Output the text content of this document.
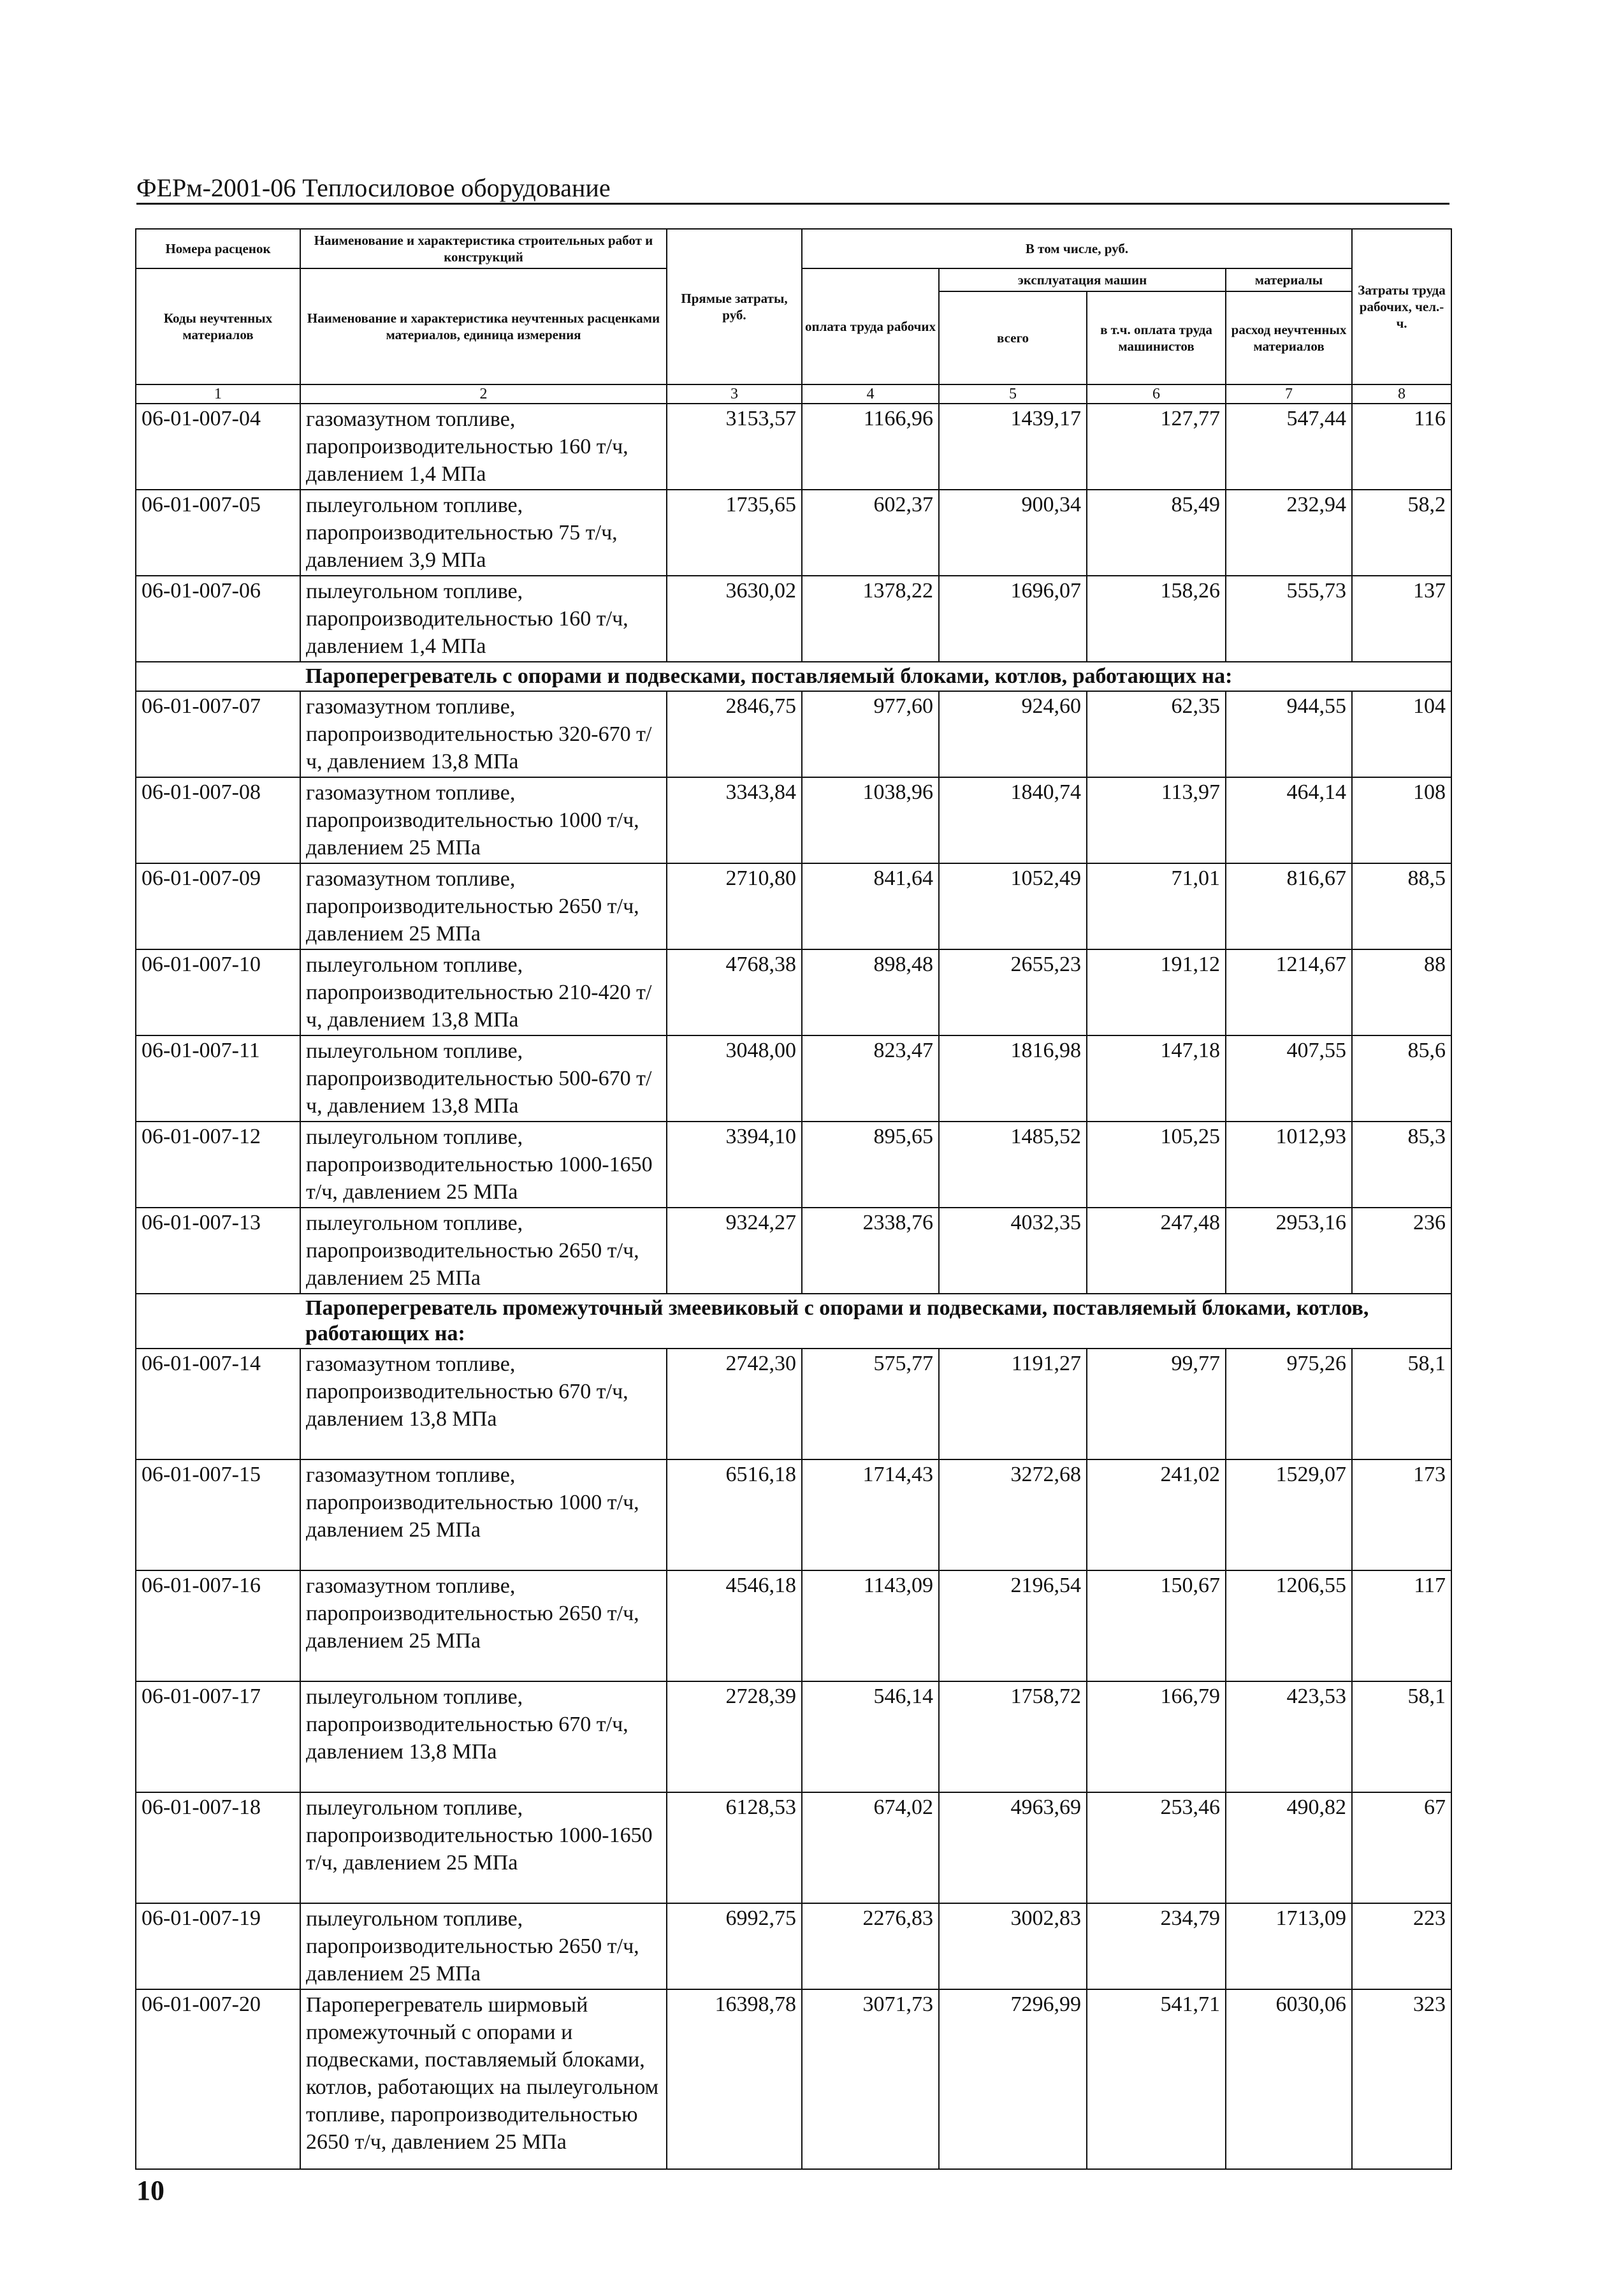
ФЕРм-2001-06 Теплосиловое оборудование
Номера расценок	Наименование и характеристика строительных работ и конструкций	Прямые затраты, руб.	В том числе, руб.				Затраты труда рабочих, чел.-ч.
Коды неучтенных материалов	Наименование и характеристика неучтенных расценками материалов, единица измерения		оплата труда рабочих	эксплуатация машин		материалы	
				всего	в т.ч. оплата труда машинистов	расход неучтенных материалов	
1	2	3	4	5	6	7	8
06-01-007-04	газомазутном топливе, паропроизводительностью 160 т/ч, давлением 1,4 МПа	3153,57	1166,96	1439,17	127,77	547,44	116
06-01-007-05	пылеугольном топливе, паропроизводительностью 75 т/ч, давлением 3,9 МПа	1735,65	602,37	900,34	85,49	232,94	58,2
06-01-007-06	пылеугольном топливе, паропроизводительностью 160 т/ч, давлением 1,4 МПа	3630,02	1378,22	1696,07	158,26	555,73	137
	Пароперегреватель с опорами и подвесками, поставляемый блоками, котлов, работающих на:						
06-01-007-07	газомазутном топливе, паропроизводительностью 320-670 т/ч, давлением 13,8 МПа	2846,75	977,60	924,60	62,35	944,55	104
06-01-007-08	газомазутном топливе, паропроизводительностью 1000 т/ч, давлением 25 МПа	3343,84	1038,96	1840,74	113,97	464,14	108
06-01-007-09	газомазутном топливе, паропроизводительностью 2650 т/ч, давлением 25 МПа	2710,80	841,64	1052,49	71,01	816,67	88,5
06-01-007-10	пылеугольном топливе, паропроизводительностью 210-420 т/ч, давлением 13,8 МПа	4768,38	898,48	2655,23	191,12	1214,67	88
06-01-007-11	пылеугольном топливе, паропроизводительностью 500-670 т/ч, давлением 13,8 МПа	3048,00	823,47	1816,98	147,18	407,55	85,6
06-01-007-12	пылеугольном топливе, паропроизводительностью 1000-1650 т/ч, давлением 25 МПа	3394,10	895,65	1485,52	105,25	1012,93	85,3
06-01-007-13	пылеугольном топливе, паропроизводительностью 2650 т/ч, давлением 25 МПа	9324,27	2338,76	4032,35	247,48	2953,16	236
	Пароперегреватель промежуточный змеевиковый с опорами и подвесками, поставляемый блоками, котлов, работающих на:						
06-01-007-14	газомазутном топливе, паропроизводительностью 670 т/ч, давлением 13,8 МПа	2742,30	575,77	1191,27	99,77	975,26	58,1
06-01-007-15	газомазутном топливе, паропроизводительностью 1000 т/ч, давлением 25 МПа	6516,18	1714,43	3272,68	241,02	1529,07	173
06-01-007-16	газомазутном топливе, паропроизводительностью 2650 т/ч, давлением 25 МПа	4546,18	1143,09	2196,54	150,67	1206,55	117
06-01-007-17	пылеугольном топливе, паропроизводительностью 670 т/ч, давлением 13,8 МПа	2728,39	546,14	1758,72	166,79	423,53	58,1
06-01-007-18	пылеугольном топливе, паропроизводительностью 1000-1650 т/ч, давлением 25 МПа	6128,53	674,02	4963,69	253,46	490,82	67
06-01-007-19	пылеугольном топливе, паропроизводительностью 2650 т/ч, давлением 25 МПа	6992,75	2276,83	3002,83	234,79	1713,09	223
06-01-007-20	Пароперегреватель ширмовый промежуточный с опорами и подвесками, поставляемый блоками, котлов, работающих на пылеугольном топливе, паропроизводительностью 2650 т/ч, давлением 25 МПа	16398,78	3071,73	7296,99	541,71	6030,06	323
10
